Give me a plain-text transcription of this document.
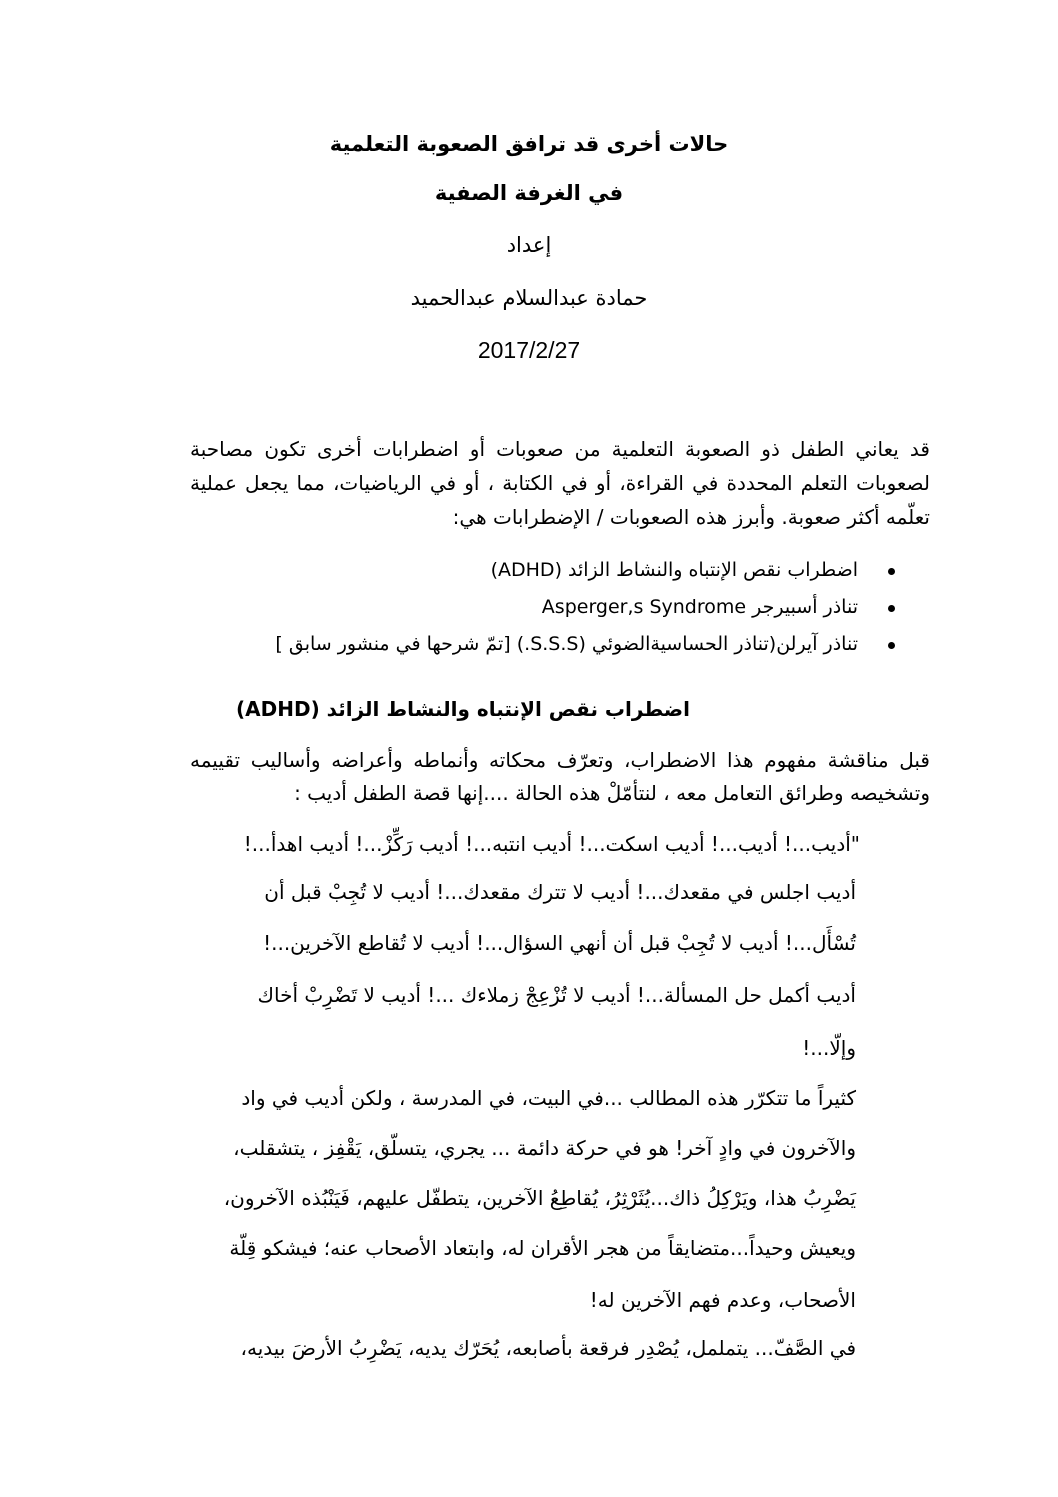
حالات أخرى قد ترافق الصعوبة التعلمية
في الغرفة الصفية
إعداد
حمادة عبدالسلام عبدالحميد
2017/2/27
قد يعاني الطفل ذو الصعوبة التعلمية من صعوبات أو اضطرابات أخرى تكون مصاحبة لصعوبات التعلم المحددة في القراءة، أو في الكتابة ، أو في الرياضيات، مما يجعل عملية تعلّمه أكثر صعوبة. وأبرز هذه الصعوبات / الإضطرابات هي:
اضطراب نقص الإنتباه والنشاط الزائد (ADHD)
تناذر أسبيرجر Asperger,s Syndrome
تناذر آيرلن(تناذر الحساسيةالضوئي (S.S.S.) [تمّ شرحها في منشور سابق ]
اضطراب نقص الإنتباه والنشاط الزائد (ADHD)
قبل مناقشة مفهوم هذا الاضطراب، وتعرّف محكاته وأنماطه وأعراضه وأساليب تقييمه وتشخيصه وطرائق التعامل معه ، لنتأمّلْ هذه الحالة ....إنها قصة الطفل أديب :
"أديب...! أديب...! أديب اسكت...! أديب انتبه...! أديب رَكِّزْ...! أديب اهدأ...!
أديب اجلس في مقعدك...! أديب لا تترك مقعدك...! أديب لا تُجِبْ قبل أن
تُسْأَل...! أديب لا تُجِبْ قبل أن أنهي السؤال...! أديب لا تُقاطع الآخرين...!
أديب أكمل حل المسألة...! أديب لا تُزْعِجْ زملاءك ...! أديب لا تَضْرِبْ أخاك
وإلّا...!
كثيراً ما تتكرّر هذه المطالب ...في البيت، في المدرسة ، ولكن أديب في واد
والآخرون في وادٍ آخر! هو في حركة دائمة ... يجري، يتسلّق، يَقْفِز ، يتشقلب،
يَضْرِبُ هذا، ويَرْكِلُ ذاك...يُثَرْثِرُ، يُقاطِعُ الآخرين، يتطفّل عليهم، فَيَنْبُذه الآخرون،
ويعيش وحيداً...متضايقاً من هجر الأقران له، وابتعاد الأصحاب عنه؛ فيشكو قِلّة
الأصحاب، وعدم فهم الآخرين له!
في الصَّفّ... يتململ، يُصْدِر فرقعة بأصابعه، يُحَرّك يديه، يَضْرِبُ الأرضَ بيديه،
